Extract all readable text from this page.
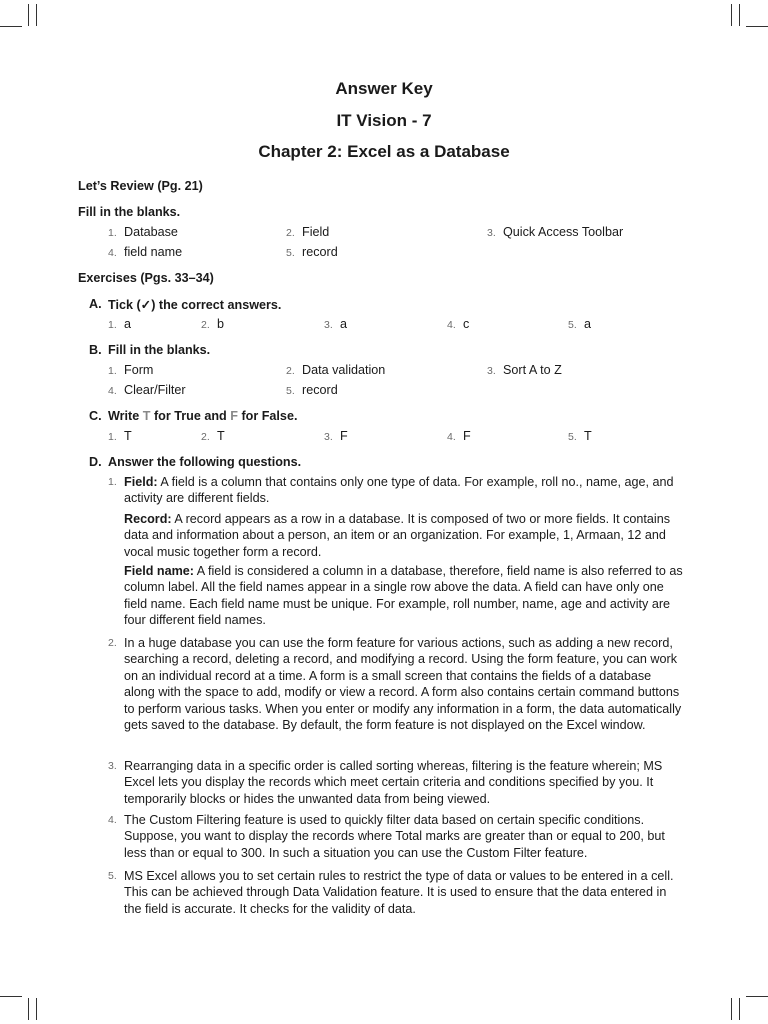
Answer Key
IT Vision - 7
Chapter 2: Excel as a Database
Let’s Review (Pg. 21)
Fill in the blanks.
1. Database	2. Field	3. Quick Access Toolbar
4. field name	5. record
Exercises (Pgs. 33–34)
A. Tick (✓) the correct answers.
1. a	2. b	3. a	4. c	5. a
B. Fill in the blanks.
1. Form	2. Data validation	3. Sort A to Z
4. Clear/Filter	5. record
C. Write T for True and F for False.
1. T	2. T	3. F	4. F	5. T
D. Answer the following questions.
1. Field: A field is a column that contains only one type of data. For example, roll no., name, age, and activity are different fields.
Record: A record appears as a row in a database. It is composed of two or more fields. It contains data and information about a person, an item or an organization. For example, 1, Armaan, 12 and vocal music together form a record.
Field name: A field is considered a column in a database, therefore, field name is also referred to as column label. All the field names appear in a single row above the data. A field can have only one field name. Each field name must be unique. For example, roll number, name, age and activity are four different field names.
2. In a huge database you can use the form feature for various actions, such as adding a new record, searching a record, deleting a record, and modifying a record. Using the form feature, you can work on an individual record at a time. A form is a small screen that contains the fields of a database along with the space to add, modify or view a record. A form also contains certain command buttons to perform various tasks. When you enter or modify any information in a form, the data automatically gets saved to the database. By default, the form feature is not displayed on the Excel window.
3. Rearranging data in a specific order is called sorting whereas, filtering is the feature wherein; MS Excel lets you display the records which meet certain criteria and conditions specified by you. It temporarily blocks or hides the unwanted data from being viewed.
4. The Custom Filtering feature is used to quickly filter data based on certain specific conditions. Suppose, you want to display the records where Total marks are greater than or equal to 200, but less than or equal to 300. In such a situation you can use the Custom Filter feature.
5. MS Excel allows you to set certain rules to restrict the type of data or values to be entered in a cell. This can be achieved through Data Validation feature. It is used to ensure that the data entered in the field is accurate. It checks for the validity of data.
